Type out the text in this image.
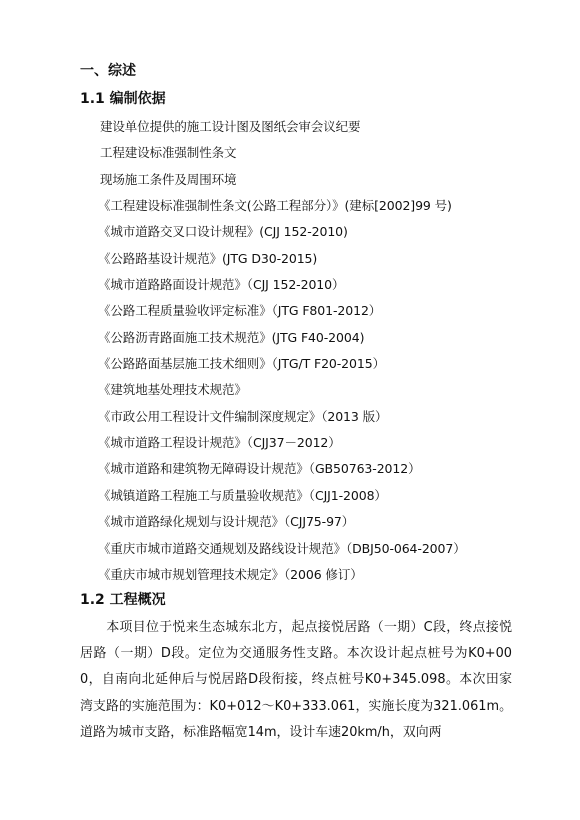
一、综述
1.1 编制依据
建设单位提供的施工设计图及图纸会审会议纪要
工程建设标准强制性条文
现场施工条件及周围环境
《工程建设标准强制性条文(公路工程部分）》(建标[2002]99 号)
《城市道路交叉口设计规程》(CJJ 152-2010)
《公路路基设计规范》(JTG D30-2015)
《城市道路路面设计规范》（CJJ 152-2010）
《公路工程质量验收评定标准》（JTG F801-2012）
《公路沥青路面施工技术规范》(JTG F40-2004)
《公路路面基层施工技术细则》（JTG/T F20-2015）
《建筑地基处理技术规范》
《市政公用工程设计文件编制深度规定》（2013 版）
《城市道路工程设计规范》（CJJ37－2012）
《城市道路和建筑物无障碍设计规范》（GB50763-2012）
《城镇道路工程施工与质量验收规范》（CJJ1-2008）
《城市道路绿化规划与设计规范》（CJJ75-97）
《重庆市城市道路交通规划及路线设计规范》（DBJ50-064-2007）
《重庆市城市规划管理技术规定》（2006 修订）
1.2 工程概况
本项目位于悦来生态城东北方，起点接悦居路（一期）C段，终点接悦居路（一期）D段。定位为交通服务性支路。本次设计起点桩号为K0+000，自南向北延伸后与悦居路D段衔接，终点桩号K0+345.098。本次田家湾支路的实施范围为：K0+012～K0+333.061，实施长度为321.061m。道路为城市支路，标准路幅宽14m，设计车速20km/h，双向两
